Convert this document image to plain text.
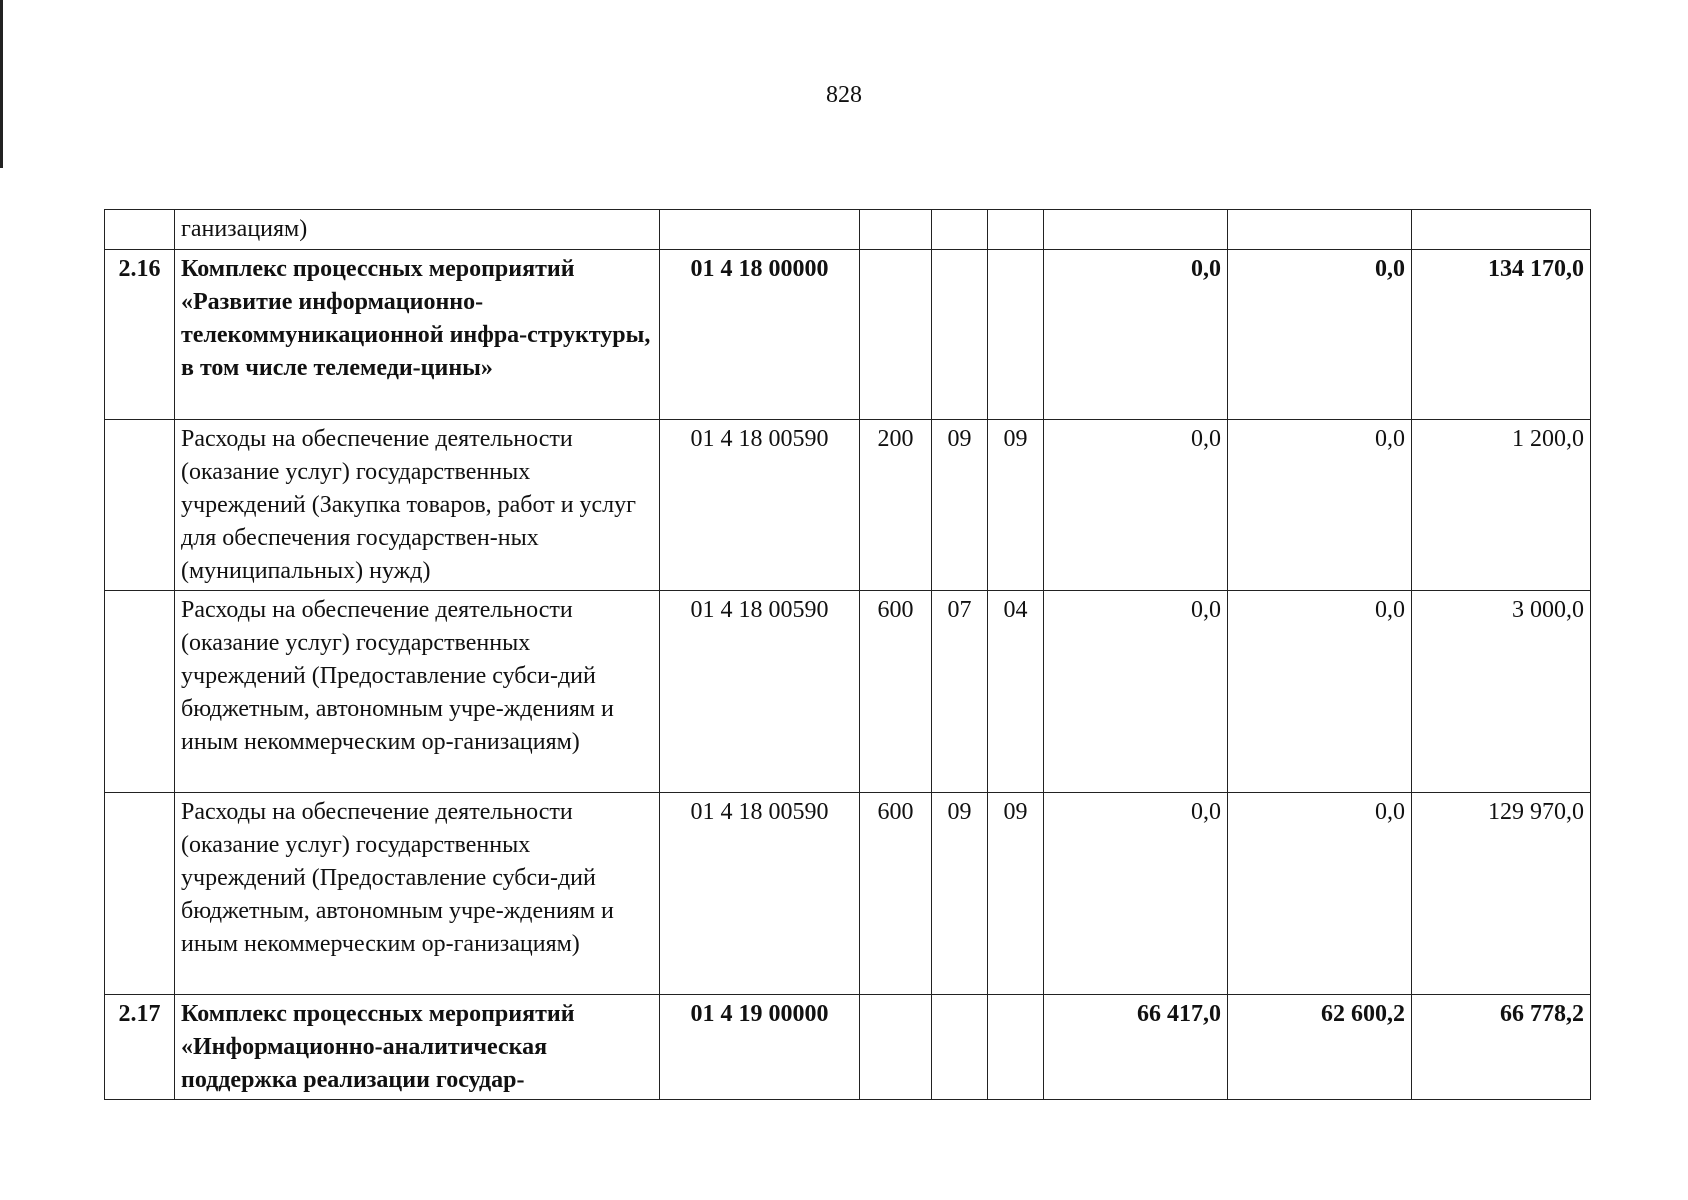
828
	ганизациям)							
2.16	Комплекс процессных мероприятий «Развитие информационно-телекоммуникационной инфра-структуры, в том числе телемеди-цины»	01 4 18 00000				0,0	0,0	134 170,0
	Расходы на обеспечение деятельности (оказание услуг) государственных учреждений (Закупка товаров, работ и услуг для обеспечения государствен-ных (муниципальных) нужд)	01 4 18 00590	200	09	09	0,0	0,0	1 200,0
	Расходы на обеспечение деятельности (оказание услуг) государственных учреждений (Предоставление субси-дий бюджетным, автономным учре-ждениям и иным некоммерческим ор-ганизациям)	01 4 18 00590	600	07	04	0,0	0,0	3 000,0
	Расходы на обеспечение деятельности (оказание услуг) государственных учреждений (Предоставление субси-дий бюджетным, автономным учре-ждениям и иным некоммерческим ор-ганизациям)	01 4 18 00590	600	09	09	0,0	0,0	129 970,0
2.17	Комплекс процессных мероприятий «Информационно-аналитическая поддержка реализации государ-	01 4 19 00000				66 417,0	62 600,2	66 778,2
